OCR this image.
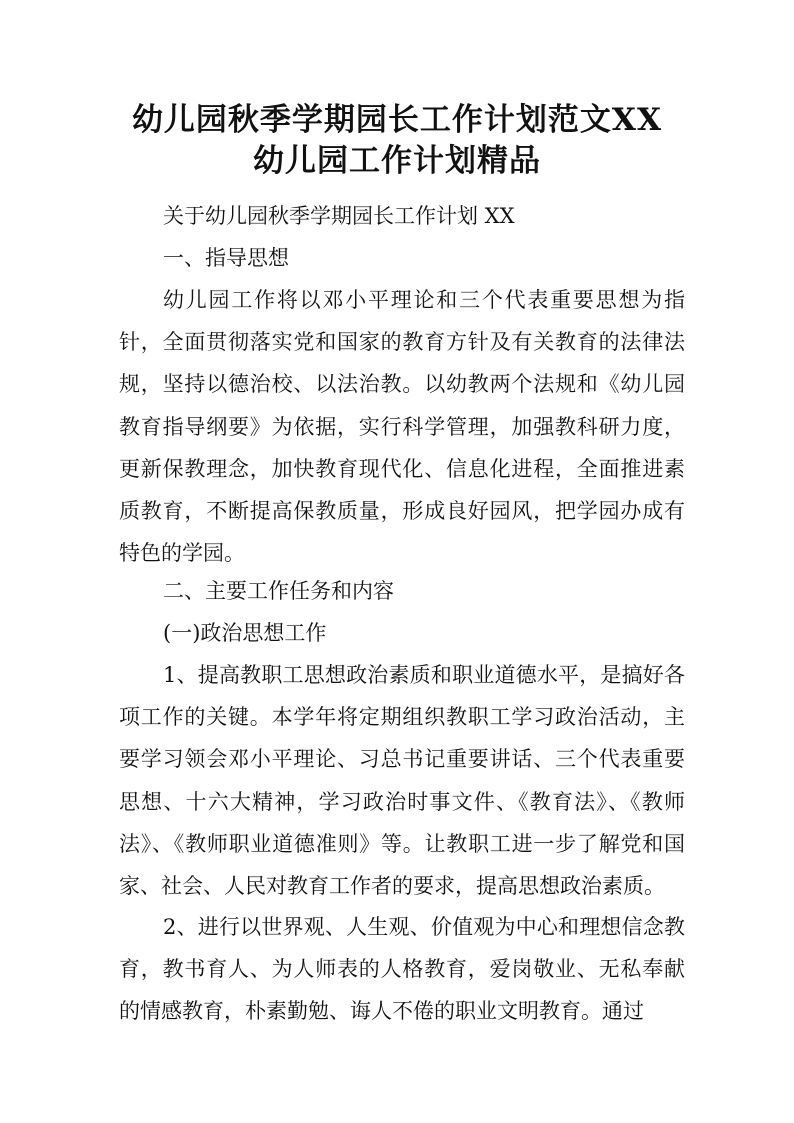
幼儿园秋季学期园长工作计划范文XX
幼儿园工作计划精品
关于幼儿园秋季学期园长工作计划 XX
一、指导思想
幼儿园工作将以邓小平理论和三个代表重要思想为指针，全面贯彻落实党和国家的教育方针及有关教育的法律法规，坚持以德治校、以法治教。以幼教两个法规和《幼儿园教育指导纲要》为依据，实行科学管理，加强教科研力度，更新保教理念，加快教育现代化、信息化进程，全面推进素质教育，不断提高保教质量，形成良好园风，把学园办成有特色的学园。
二、主要工作任务和内容
(一)政治思想工作
1、提高教职工思想政治素质和职业道德水平，是搞好各项工作的关键。本学年将定期组织教职工学习政治活动，主要学习领会邓小平理论、习总书记重要讲话、三个代表重要思想、十六大精神，学习政治时事文件、《教育法》、《教师法》、《教师职业道德准则》等。让教职工进一步了解党和国家、社会、人民对教育工作者的要求，提高思想政治素质。
2、进行以世界观、人生观、价值观为中心和理想信念教育，教书育人、为人师表的人格教育，爱岗敬业、无私奉献的情感教育，朴素勤勉、诲人不倦的职业文明教育。通过
